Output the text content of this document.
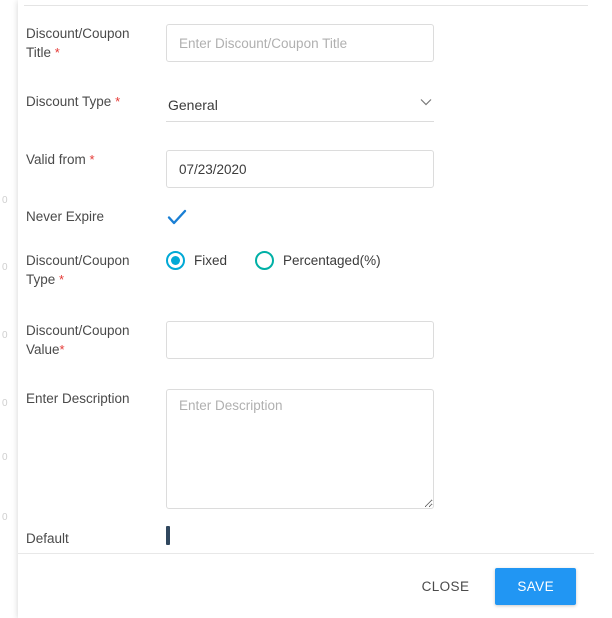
0
0
0
0
0
0
Discount/Coupon Title *
Enter Discount/Coupon Title
Discount Type *
General
Valid from *
07/23/2020
Never Expire
Discount/Coupon Type *
Fixed	Percentaged(%)
Discount/Coupon Value*
Enter Description
Enter Description
Default
CLOSE	SAVE
